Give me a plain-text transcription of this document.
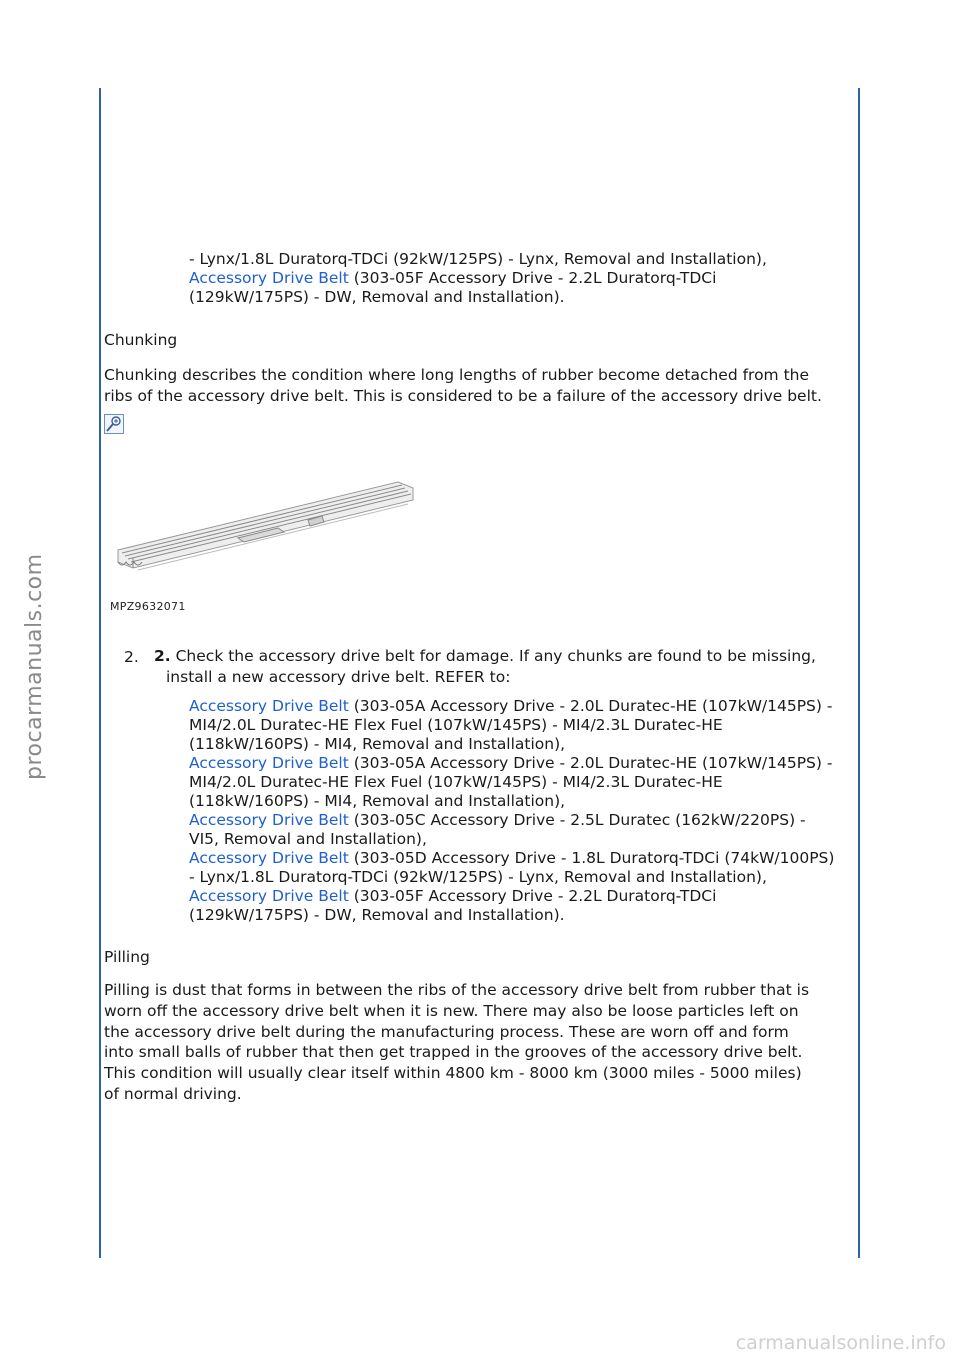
procarmanuals.com
carmanualsonline.info

- Lynx/1.8L Duratorq-TDCi (92kW/125PS) - Lynx, Removal and Installation),

Accessory Drive Belt (303-05F Accessory Drive - 2.2L Duratorq-TDCi

(129kW/175PS) - DW, Removal and Installation).

Chunking

Chunking describes the condition where long lengths of rubber become detached from the

ribs of the accessory drive belt. This is considered to be a failure of the accessory drive belt.

MPZ9632071
2. 2. Check the accessory drive belt for damage. If any chunks are found to be missing,

install a new accessory drive belt. REFER to:

Accessory Drive Belt (303-05A Accessory Drive - 2.0L Duratec-HE (107kW/145PS) -

MI4/2.0L Duratec-HE Flex Fuel (107kW/145PS) - MI4/2.3L Duratec-HE

(118kW/160PS) - MI4, Removal and Installation),

Accessory Drive Belt (303-05A Accessory Drive - 2.0L Duratec-HE (107kW/145PS) -

MI4/2.0L Duratec-HE Flex Fuel (107kW/145PS) - MI4/2.3L Duratec-HE

(118kW/160PS) - MI4, Removal and Installation),

Accessory Drive Belt (303-05C Accessory Drive - 2.5L Duratec (162kW/220PS) -

VI5, Removal and Installation),

Accessory Drive Belt (303-05D Accessory Drive - 1.8L Duratorq-TDCi (74kW/100PS)

- Lynx/1.8L Duratorq-TDCi (92kW/125PS) - Lynx, Removal and Installation),

Accessory Drive Belt (303-05F Accessory Drive - 2.2L Duratorq-TDCi

(129kW/175PS) - DW, Removal and Installation).

Pilling

Pilling is dust that forms in between the ribs of the accessory drive belt from rubber that is

worn off the accessory drive belt when it is new. There may also be loose particles left on

the accessory drive belt during the manufacturing process. These are worn off and form

into small balls of rubber that then get trapped in the grooves of the accessory drive belt.

This condition will usually clear itself within 4800 km - 8000 km (3000 miles - 5000 miles)

of normal driving.
